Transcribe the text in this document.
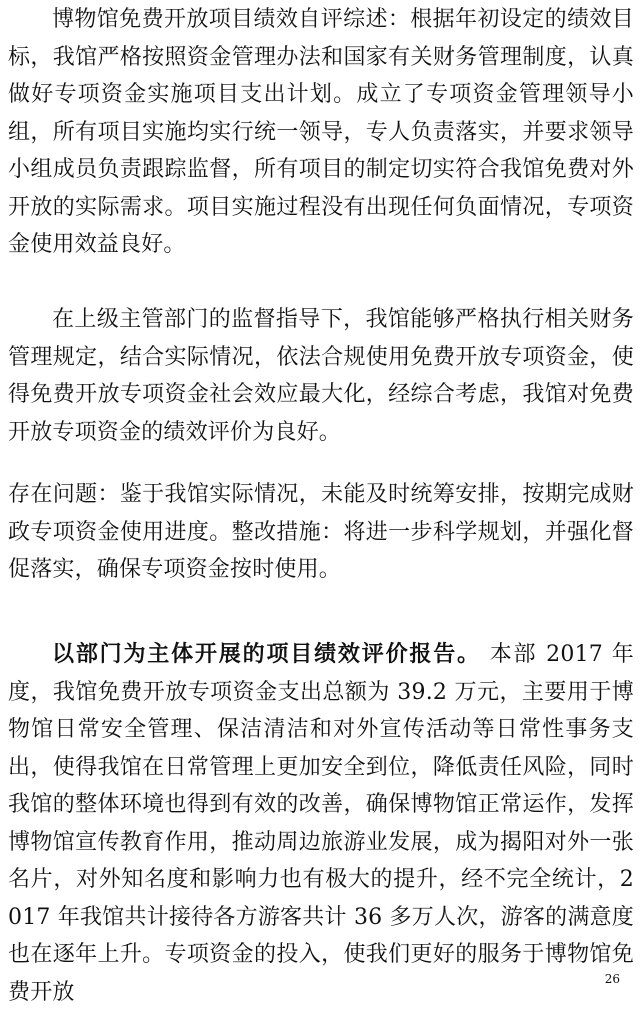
博物馆免费开放项目绩效自评综述：根据年初设定的绩效目标，我馆严格按照资金管理办法和国家有关财务管理制度，认真做好专项资金实施项目支出计划。成立了专项资金管理领导小组，所有项目实施均实行统一领导，专人负责落实，并要求领导小组成员负责跟踪监督，所有项目的制定切实符合我馆免费对外开放的实际需求。项目实施过程没有出现任何负面情况，专项资金使用效益良好。

在上级主管部门的监督指导下，我馆能够严格执行相关财务管理规定，结合实际情况，依法合规使用免费开放专项资金，使得免费开放专项资金社会效应最大化，经综合考虑，我馆对免费开放专项资金的绩效评价为良好。

存在问题：鉴于我馆实际情况，未能及时统筹安排，按期完成财政专项资金使用进度。整改措施：将进一步科学规划，并强化督促落实，确保专项资金按时使用。

以部门为主体开展的项目绩效评价报告。 本部 2017 年度，我馆免费开放专项资金支出总额为 39.2 万元，主要用于博物馆日常安全管理、保洁清洁和对外宣传活动等日常性事务支出，使得我馆在日常管理上更加安全到位，降低责任风险，同时我馆的整体环境也得到有效的改善，确保博物馆正常运作，发挥博物馆宣传教育作用，推动周边旅游业发展，成为揭阳对外一张名片，对外知名度和影响力也有极大的提升，经不完全统计，2017 年我馆共计接待各方游客共计 36 多万人次，游客的满意度也在逐年上升。专项资金的投入，使我们更好的服务于博物馆免费开放

26
